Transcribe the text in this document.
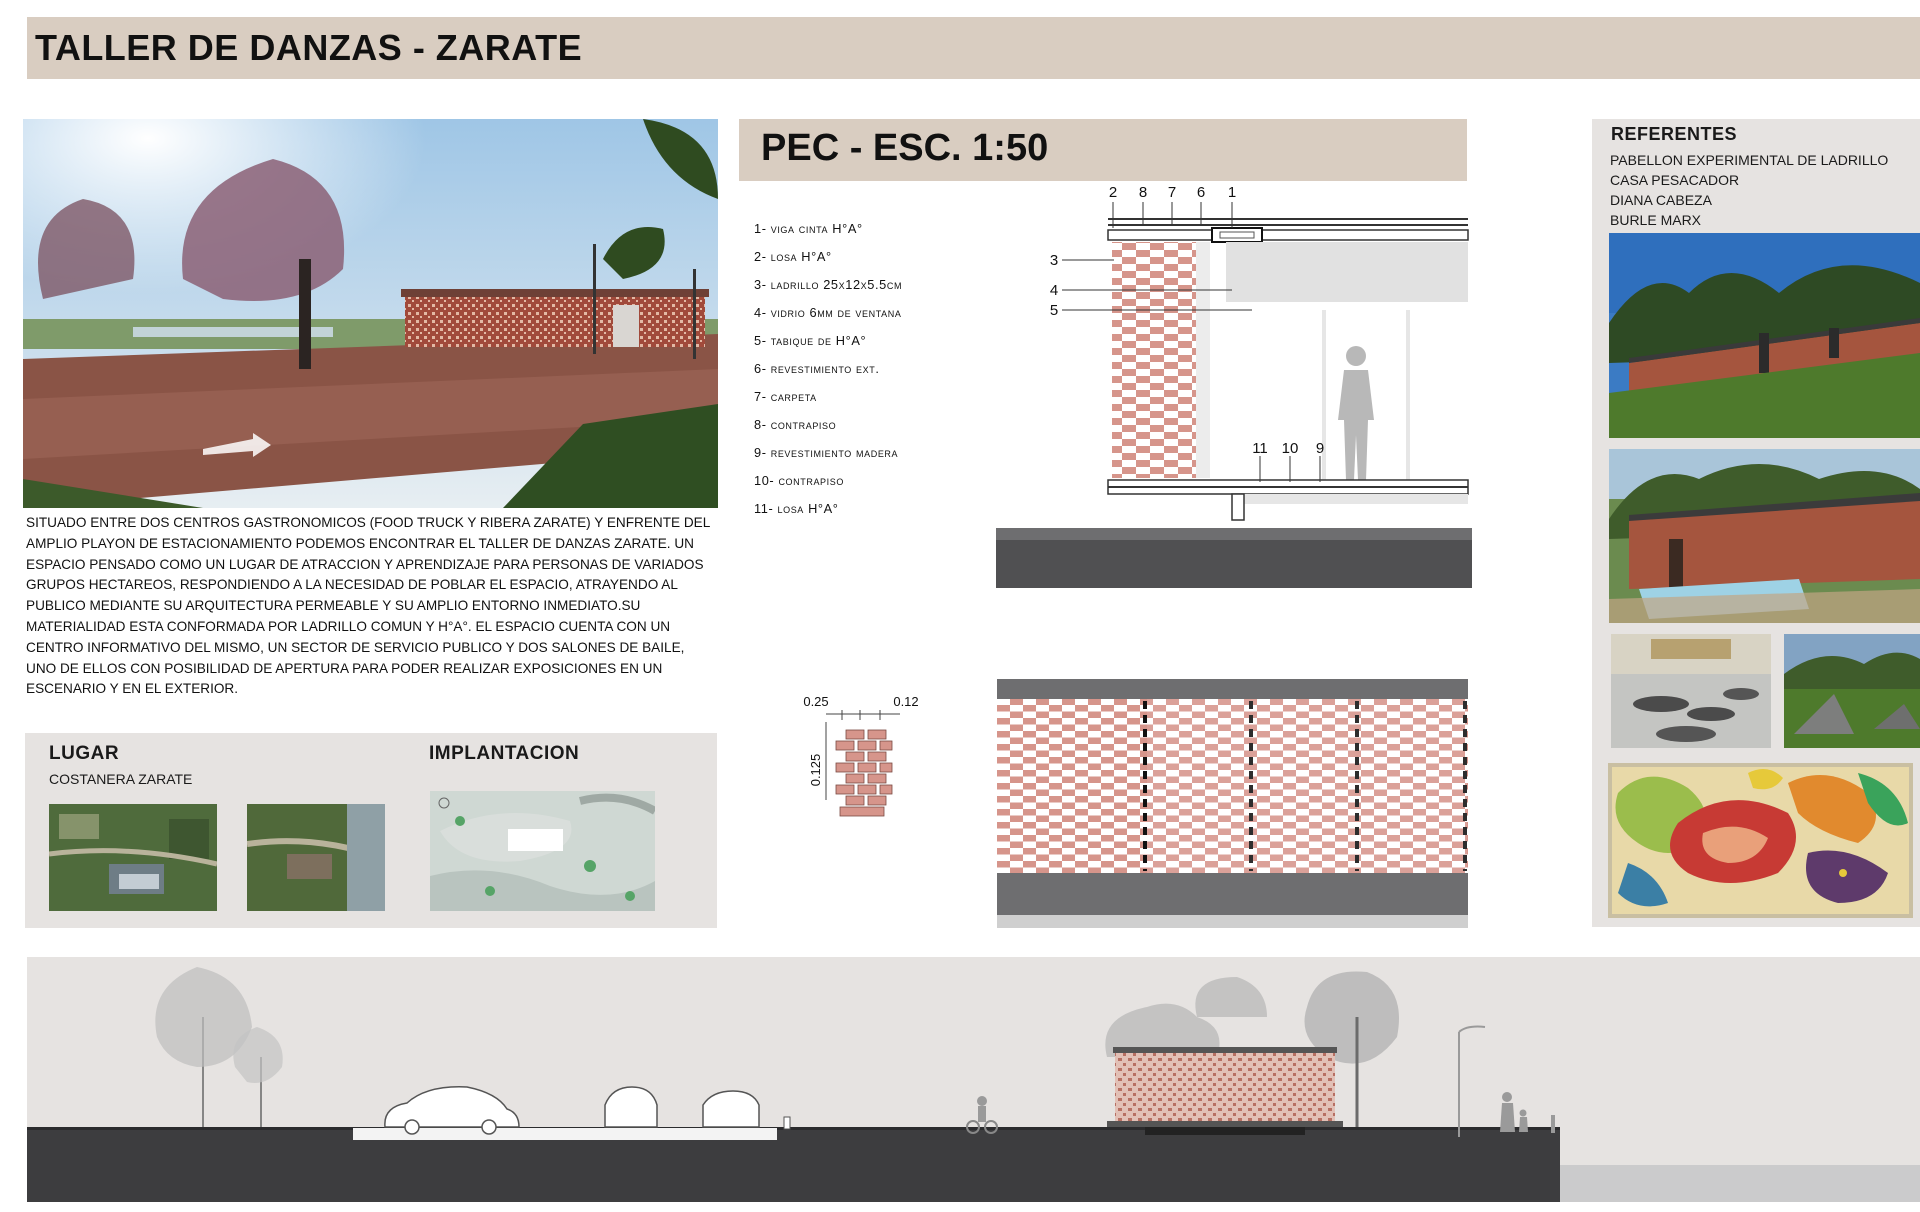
TALLER DE DANZAS - ZARATE
SITUADO ENTRE DOS CENTROS GASTRONOMICOS (FOOD TRUCK Y RIBERA ZARATE) Y ENFRENTE DEL AMPLIO PLAYON DE ESTACIONAMIENTO PODEMOS ENCONTRAR EL TALLER DE DANZAS ZARATE. UN ESPACIO PENSADO COMO UN LUGAR DE ATRACCION Y APRENDIZAJE PARA PERSONAS DE VARIADOS GRUPOS HECTAREOS, RESPONDIENDO A LA NECESIDAD DE POBLAR EL ESPACIO, ATRAYENDO AL PUBLICO MEDIANTE SU ARQUITECTURA PERMEABLE Y SU AMPLIO ENTORNO INMEDIATO.SU MATERIALIDAD ESTA CONFORMADA POR LADRILLO COMUN Y H°A°. EL ESPACIO CUENTA CON UN CENTRO INFORMATIVO DEL MISMO, UN SECTOR DE SERVICIO PUBLICO Y DOS SALONES DE BAILE, UNO DE ELLOS CON POSIBILIDAD DE APERTURA PARA PODER REALIZAR EXPOSICIONES EN UN ESCENARIO Y EN EL EXTERIOR.
LUGAR
COSTANERA ZARATE
IMPLANTACION
PEC - ESC. 1:50
1- viga cinta H°A°
2- losa H°A°
3- ladrillo 25x12x5.5cm
4- vidrio 6mm de ventana
5- tabique de H°A°
6- revestimiento ext.
7- carpeta
8- contrapiso
9- revestimiento madera
10- contrapiso
11- losa H°A°
2 8 7 6 1
3
4
5
11 10 9
0.25	0.12
0.125
REFERENTES
PABELLON EXPERIMENTAL DE LADRILLO
CASA PESACADOR
DIANA CABEZA
BURLE MARX
